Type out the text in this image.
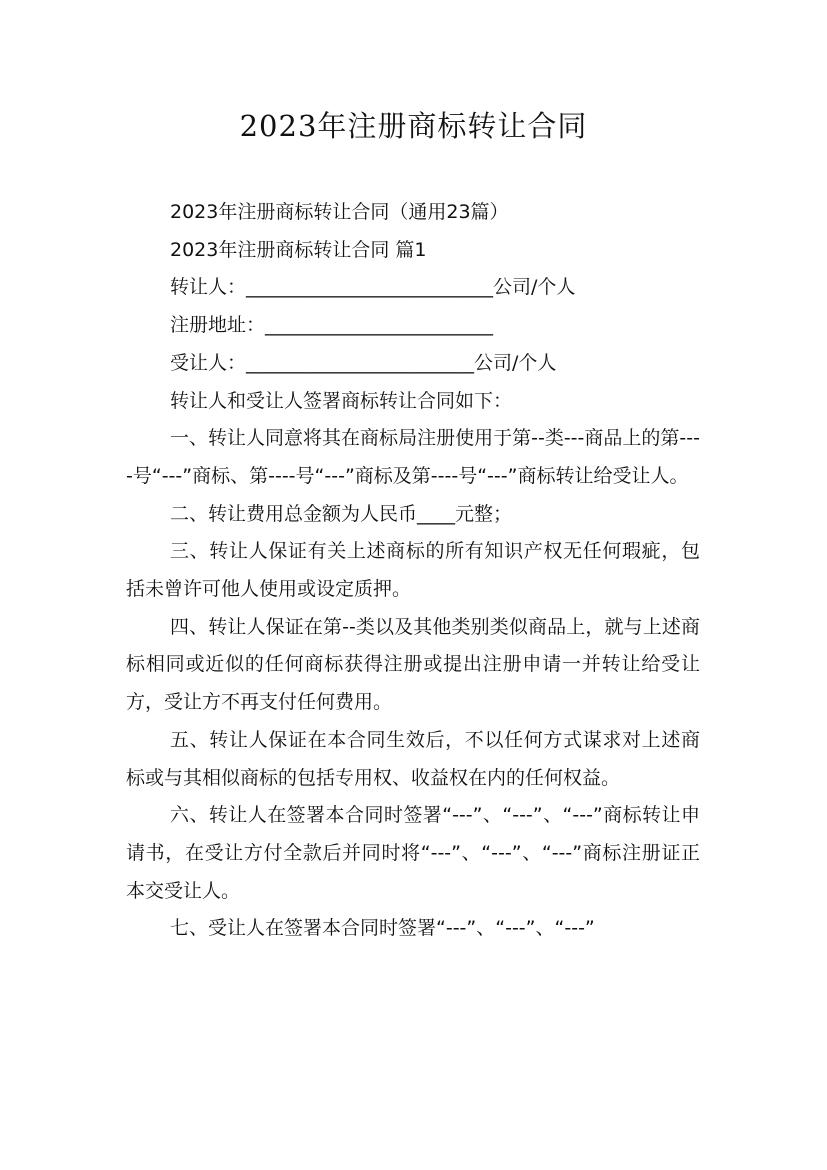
2023年注册商标转让合同

2023年注册商标转让合同（通用23篇）

2023年注册商标转让合同 篇1

转让人：__________________________公司/个人

注册地址：________________________

受让人：________________________公司/个人

转让人和受让人签署商标转让合同如下：

一、转让人同意将其在商标局注册使用于第--类---商品上的第----号“---”商标、第----号“---”商标及第----号“---”商标转让给受让人。

二、转让费用总金额为人民币____元整；

三、转让人保证有关上述商标的所有知识产权无任何瑕疵，包括未曾许可他人使用或设定质押。

四、转让人保证在第--类以及其他类别类似商品上，就与上述商标相同或近似的任何商标获得注册或提出注册申请一并转让给受让方，受让方不再支付任何费用。

五、转让人保证在本合同生效后，不以任何方式谋求对上述商标或与其相似商标的包括专用权、收益权在内的任何权益。

六、转让人在签署本合同时签署“---”、“---”、“---”商标转让申请书，在受让方付全款后并同时将“---”、“---”、“---”商标注册证正本交受让人。

七、受让人在签署本合同时签署“---”、“---”、“---”
